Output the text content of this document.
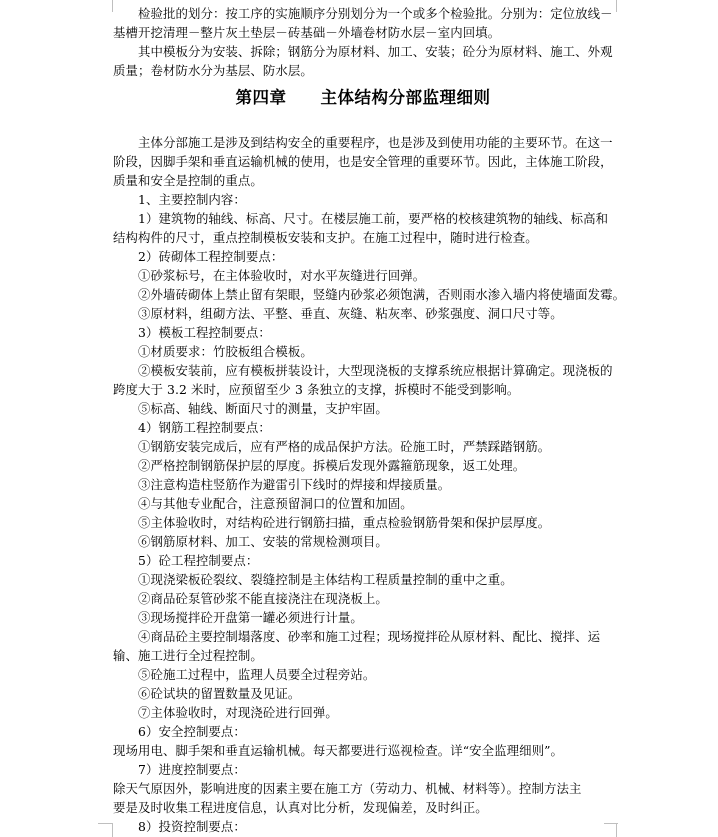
检验批的划分：按工序的实施顺序分别划分为一个或多个检验批。分别为：定位放线－
基槽开挖清理－整片灰土垫层－砖基础－外墙卷材防水层－室内回填。
其中模板分为安装、拆除；钢筋分为原材料、加工、安装；砼分为原材料、施工、外观
质量；卷材防水分为基层、防水层。
第四章　　主体结构分部监理细则
主体分部施工是涉及到结构安全的重要程序，也是涉及到使用功能的主要环节。在这一
阶段，因脚手架和垂直运输机械的使用，也是安全管理的重要环节。因此，主体施工阶段，
质量和安全是控制的重点。
1、主要控制内容：
1）建筑物的轴线、标高、尺寸。在楼层施工前，要严格的校核建筑物的轴线、标高和
结构构件的尺寸，重点控制模板安装和支护。在施工过程中，随时进行检查。
2）砖砌体工程控制要点：
①砂浆标号，在主体验收时，对水平灰缝进行回弹。
②外墙砖砌体上禁止留有架眼，竖缝内砂浆必须饱满，否则雨水渗入墙内将使墙面发霉。
③原材料，组砌方法、平整、垂直、灰缝、粘灰率、砂浆强度、洞口尺寸等。
3）模板工程控制要点：
①材质要求：竹胶板组合模板。
②模板安装前，应有模板拼装设计，大型现浇板的支撑系统应根据计算确定。现浇板的
跨度大于 3.2 米时，应预留至少 3 条独立的支撑，拆模时不能受到影响。
⑤标高、轴线、断面尺寸的测量，支护牢固。
4）钢筋工程控制要点：
①钢筋安装完成后，应有严格的成品保护方法。砼施工时，严禁踩踏钢筋。
②严格控制钢筋保护层的厚度。拆模后发现外露箍筋现象，返工处理。
③注意构造柱竖筋作为避雷引下线时的焊接和焊接质量。
④与其他专业配合，注意预留洞口的位置和加固。
⑤主体验收时，对结构砼进行钢筋扫描，重点检验钢筋骨架和保护层厚度。
⑥钢筋原材料、加工、安装的常规检测项目。
5）砼工程控制要点：
①现浇梁板砼裂纹、裂缝控制是主体结构工程质量控制的重中之重。
②商品砼泵管砂浆不能直接浇注在现浇板上。
③现场搅拌砼开盘第一罐必须进行计量。
④商品砼主要控制塌落度、砂率和施工过程；现场搅拌砼从原材料、配比、搅拌、运
输、施工进行全过程控制。
⑤砼施工过程中，监理人员要全过程旁站。
⑥砼试块的留置数量及见证。
⑦主体验收时，对现浇砼进行回弹。
6）安全控制要点：
现场用电、脚手架和垂直运输机械。每天都要进行巡视检查。详“安全监理细则”。
7）进度控制要点：
除天气原因外，影响进度的因素主要在施工方（劳动力、机械、材料等）。控制方法主
要是及时收集工程进度信息，认真对比分析，发现偏差，及时纠正。
8）投资控制要点：
